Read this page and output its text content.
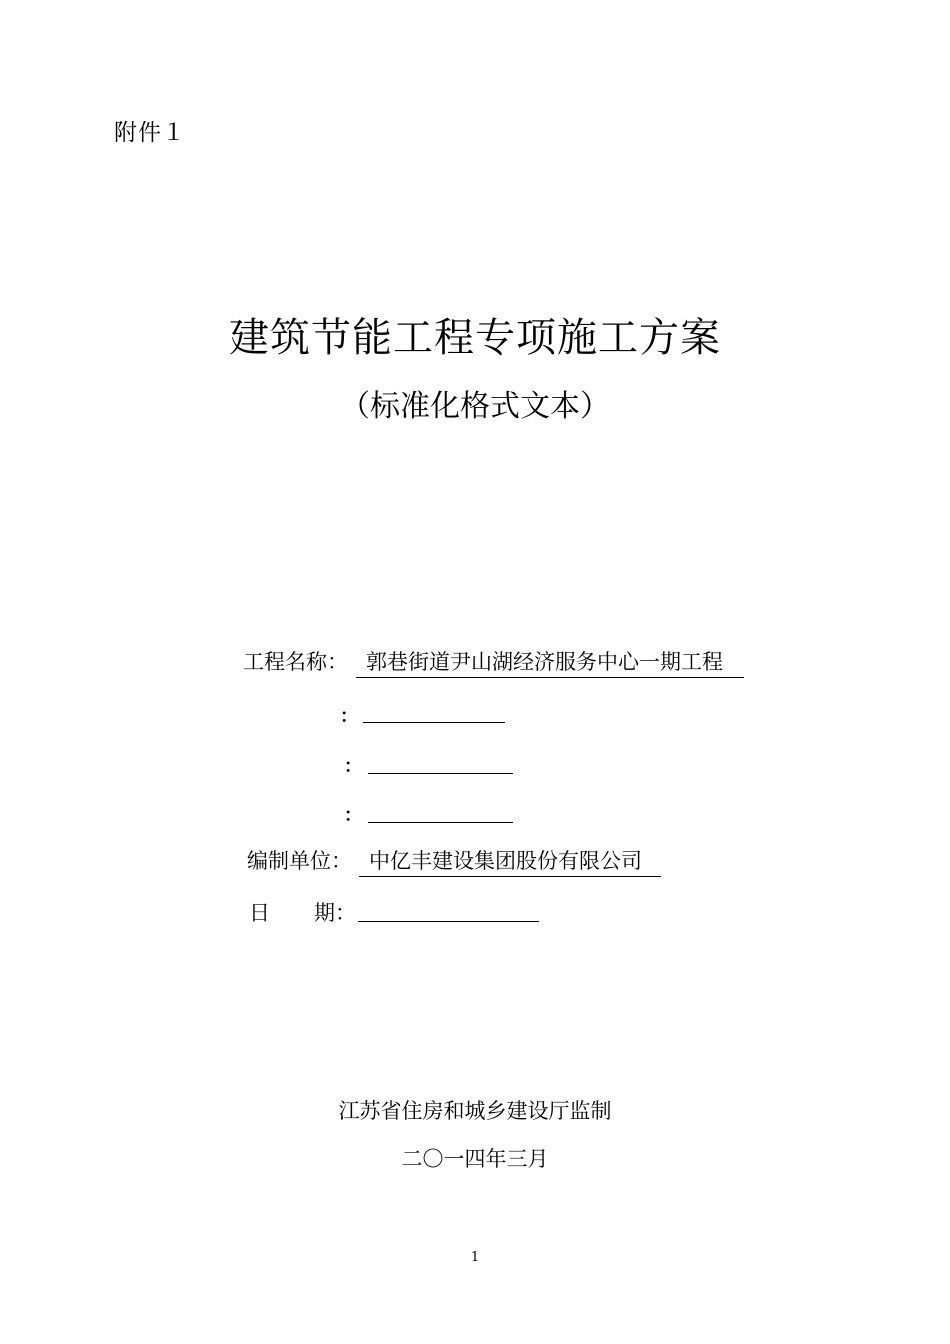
附件１
建筑节能工程专项施工方案
（标准化格式文本）
工程名称： 郭巷街道尹山湖经济服务中心一期工程
：
：
：
编制单位： 中亿丰建设集团股份有限公司
日 期：
江苏省住房和城乡建设厅监制
二〇一四年三月
1
